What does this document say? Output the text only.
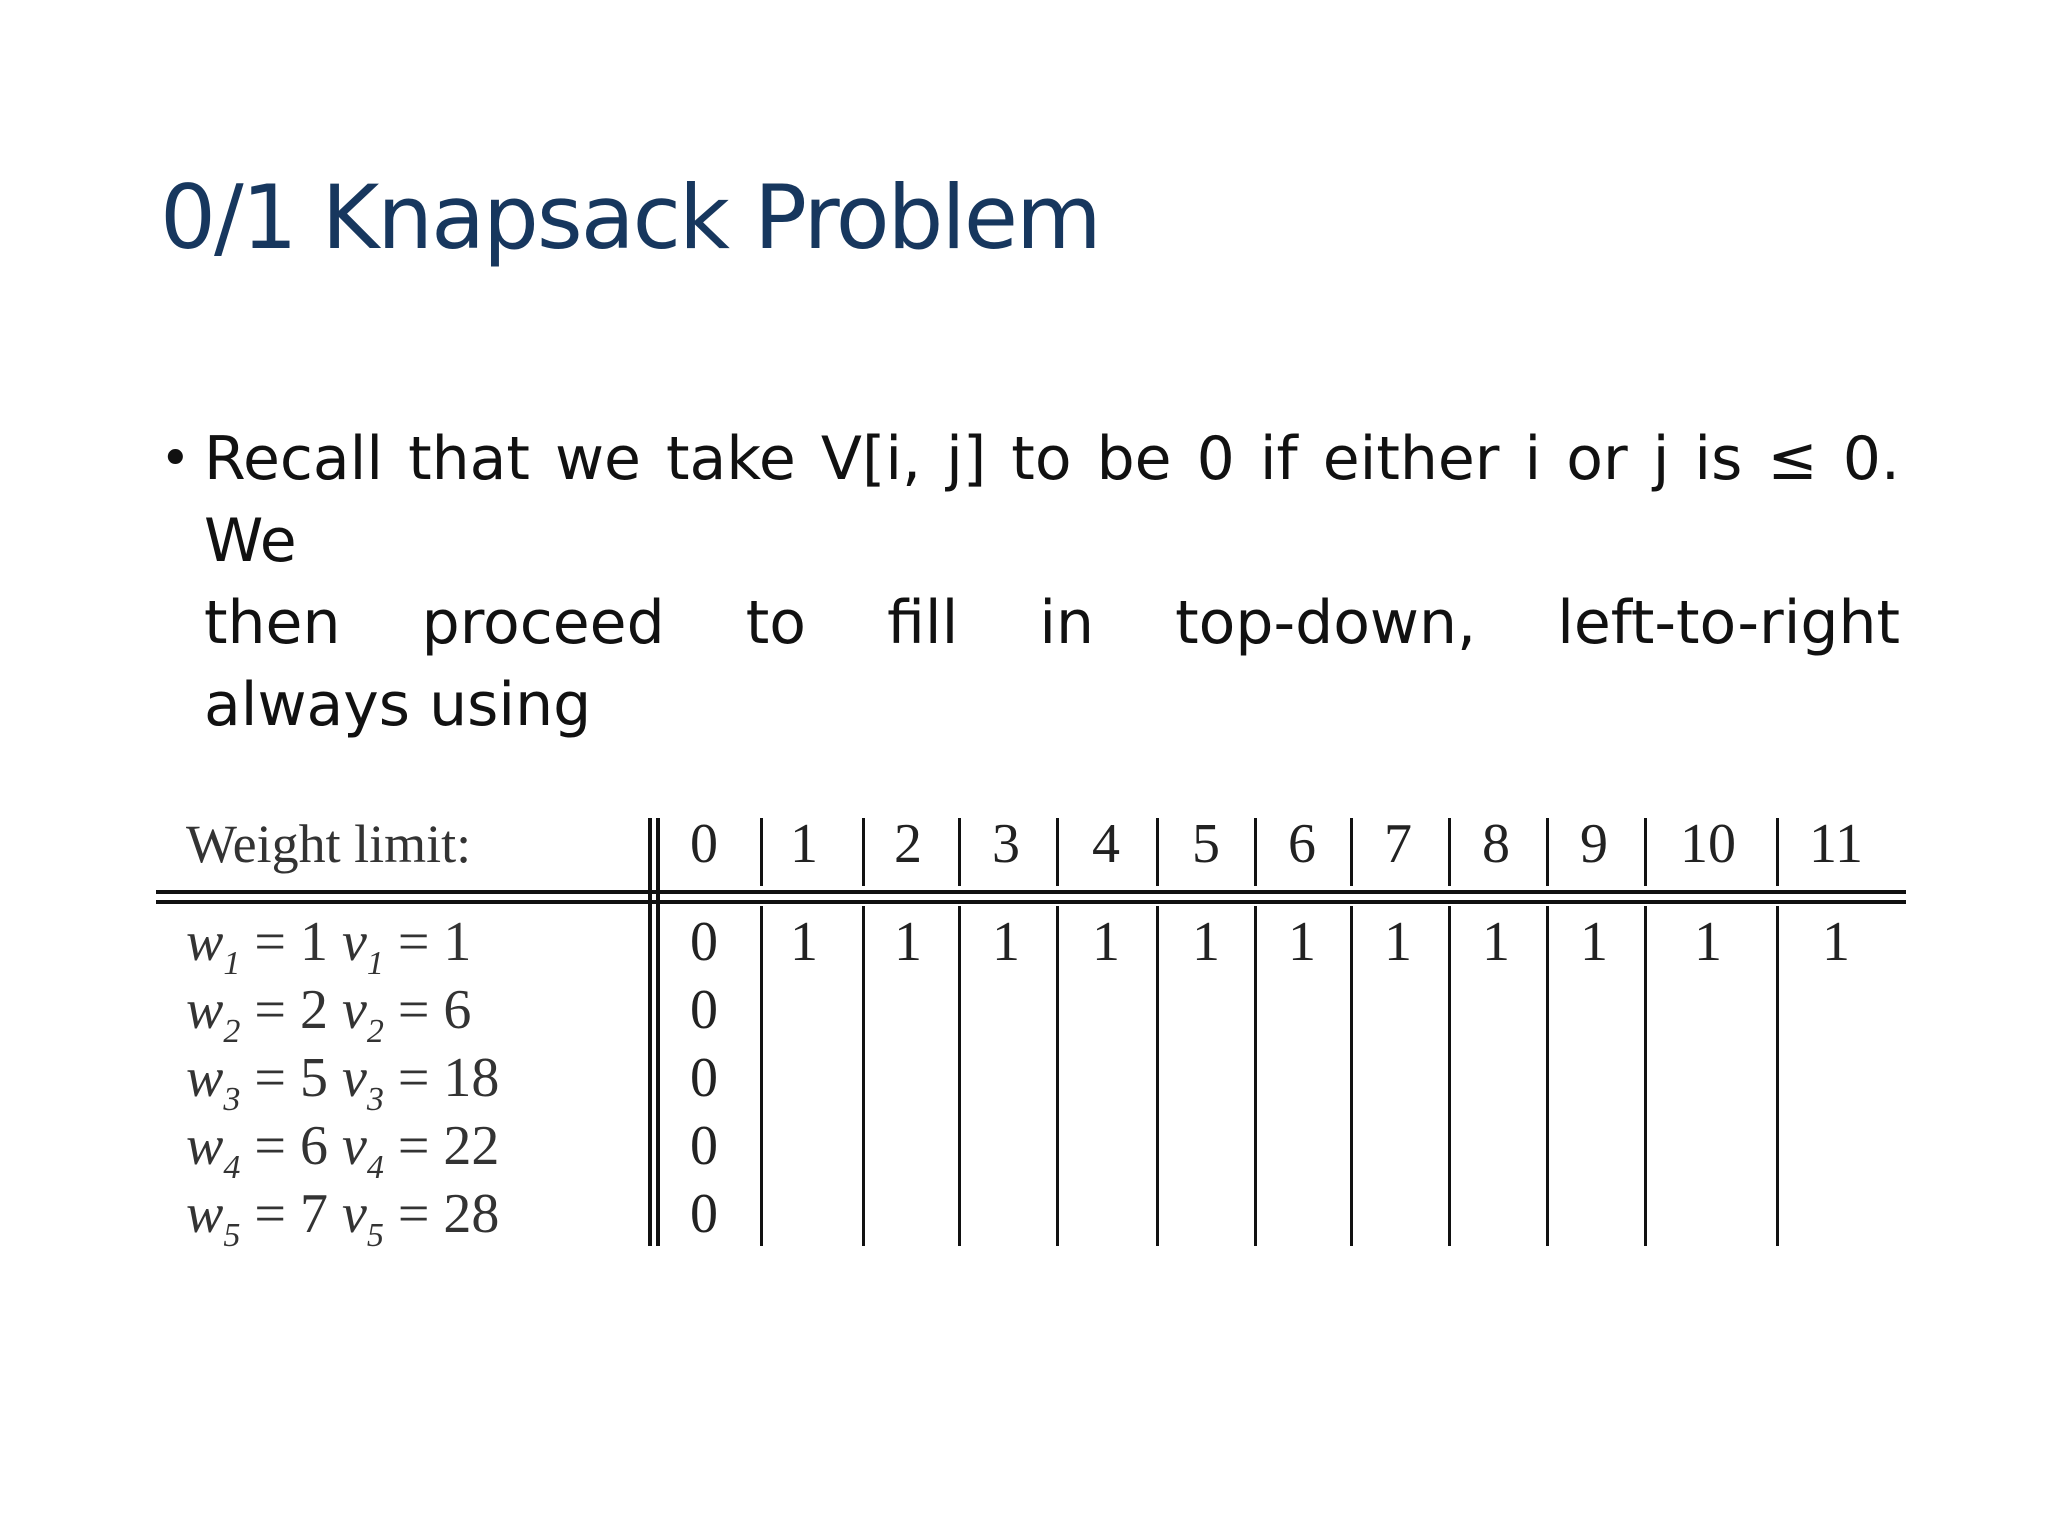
0/1 Knapsack Problem
• Recall that we take V[i, j] to be 0 if either i or j is ≤ 0. We
then proceed to fill in top-down, left-to-right
always using
Weight limit:	0	1	2	3	4	5	6	7	8	9	10	11
$w_1 = 1$ $v_1 = 1$	0	1	1	1	1	1	1	1	1	1	1	1
$w_2 = 2$ $v_2 = 6$	0
$w_3 = 5$ $v_3 = 18$	0
$w_4 = 6$ $v_4 = 22$	0
$w_5 = 7$ $v_5 = 28$	0
